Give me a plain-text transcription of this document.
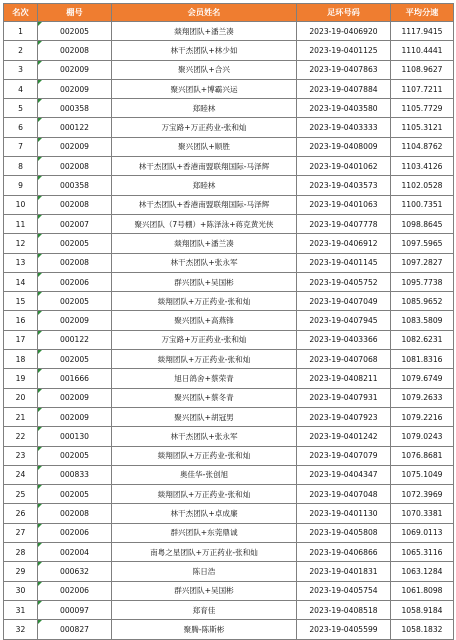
名次	棚号	会员姓名	足环号码	平均分速
1	002005	燚翔团队+潘兰凑	2023-19-0406920	1117.9415
2	002008	林干杰团队+林少如	2023-19-0401125	1110.4441
3	002009	聚兴团队+合兴	2023-19-0407863	1108.9627
4	002009	聚兴团队+博霸兴运	2023-19-0407884	1107.7211
5	000358	郑睦林	2023-19-0403580	1105.7729
6	000122	万宝路+万正药业-张和灿	2023-19-0403333	1105.3121
7	002009	聚兴团队+顺胜	2023-19-0408009	1104.8762
8	002008	林干杰团队+香港南盟联翔国际-马泽辉	2023-19-0401062	1103.4126
9	000358	郑睦林	2023-19-0403573	1102.0528
10	002008	林干杰团队+香港南盟联翔国际-马泽辉	2023-19-0401063	1100.7351
11	002007	聚兴团队（7号棚）+陈泽泳+蒋克黄光侠	2023-19-0407778	1098.8645
12	002005	燚翔团队+潘兰凑	2023-19-0406912	1097.5965
13	002008	林干杰团队+张永军	2023-19-0401145	1097.2827
14	002006	群兴团队+吴国彬	2023-19-0405752	1095.7738
15	002005	燚翔团队+万正药业-张和灿	2023-19-0407049	1085.9652
16	002009	聚兴团队+高燕锋	2023-19-0407945	1083.5809
17	000122	万宝路+万正药业-张和灿	2023-19-0403366	1082.6231
18	002005	燚翔团队+万正药业-张和灿	2023-19-0407068	1081.8316
19	001666	旭日鸽舍+蔡荣青	2023-19-0408211	1079.6749
20	002009	聚兴团队+蔡冬青	2023-19-0407931	1079.2633
21	002009	聚兴团队+胡冠男	2023-19-0407923	1079.2216
22	000130	林干杰团队+张永军	2023-19-0401242	1079.0243
23	002005	燚翔团队+万正药业-张和灿	2023-19-0407079	1076.8681
24	000833	奥佳华-张创旭	2023-19-0404347	1075.1049
25	002005	燚翔团队+万正药业-张和灿	2023-19-0407048	1072.3969
26	002008	林干杰团队+卓成廉	2023-19-0401130	1070.3381
27	002006	群兴团队+东莞鼎诚	2023-19-0405808	1069.0113
28	002004	南粤之星团队+万正药业-张和灿	2023-19-0406866	1065.3116
29	000632	陈日浩	2023-19-0401831	1063.1284
30	002006	群兴团队+吴国彬	2023-19-0405754	1061.8098
31	000097	郑育佳	2023-19-0408518	1058.9184
32	000827	聚腾-陈斯彬	2023-19-0405599	1058.1832
